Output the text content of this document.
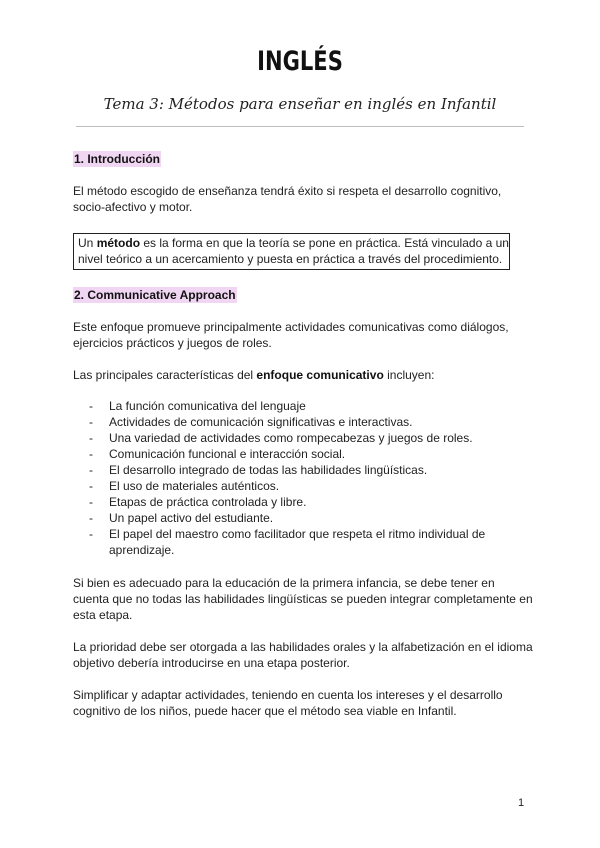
INGLÉS
Tema 3: Métodos para enseñar en inglés en Infantil
1. Introducción

El método escogido de enseñanza tendrá éxito si respeta el desarrollo cognitivo, socio-afectivo y motor.

Un método es la forma en que la teoría se pone en práctica. Está vinculado a un nivel teórico a un acercamiento y puesta en práctica a través del procedimiento.
2. Communicative Approach

Este enfoque promueve principalmente actividades comunicativas como diálogos, ejercicios prácticos y juegos de roles.

Las principales características del enfoque comunicativo incluyen:

- La función comunicativa del lenguaje
- Actividades de comunicación significativas e interactivas.
- Una variedad de actividades como rompecabezas y juegos de roles.
- Comunicación funcional e interacción social.
- El desarrollo integrado de todas las habilidades lingüísticas.
- El uso de materiales auténticos.
- Etapas de práctica controlada y libre.
- Un papel activo del estudiante.
- El papel del maestro como facilitador que respeta el ritmo individual de aprendizaje.

Si bien es adecuado para la educación de la primera infancia, se debe tener en cuenta que no todas las habilidades lingüísticas se pueden integrar completamente en esta etapa.

La prioridad debe ser otorgada a las habilidades orales y la alfabetización en el idioma objetivo debería introducirse en una etapa posterior.

Simplificar y adaptar actividades, teniendo en cuenta los intereses y el desarrollo cognitivo de los niños, puede hacer que el método sea viable en Infantil.

1
